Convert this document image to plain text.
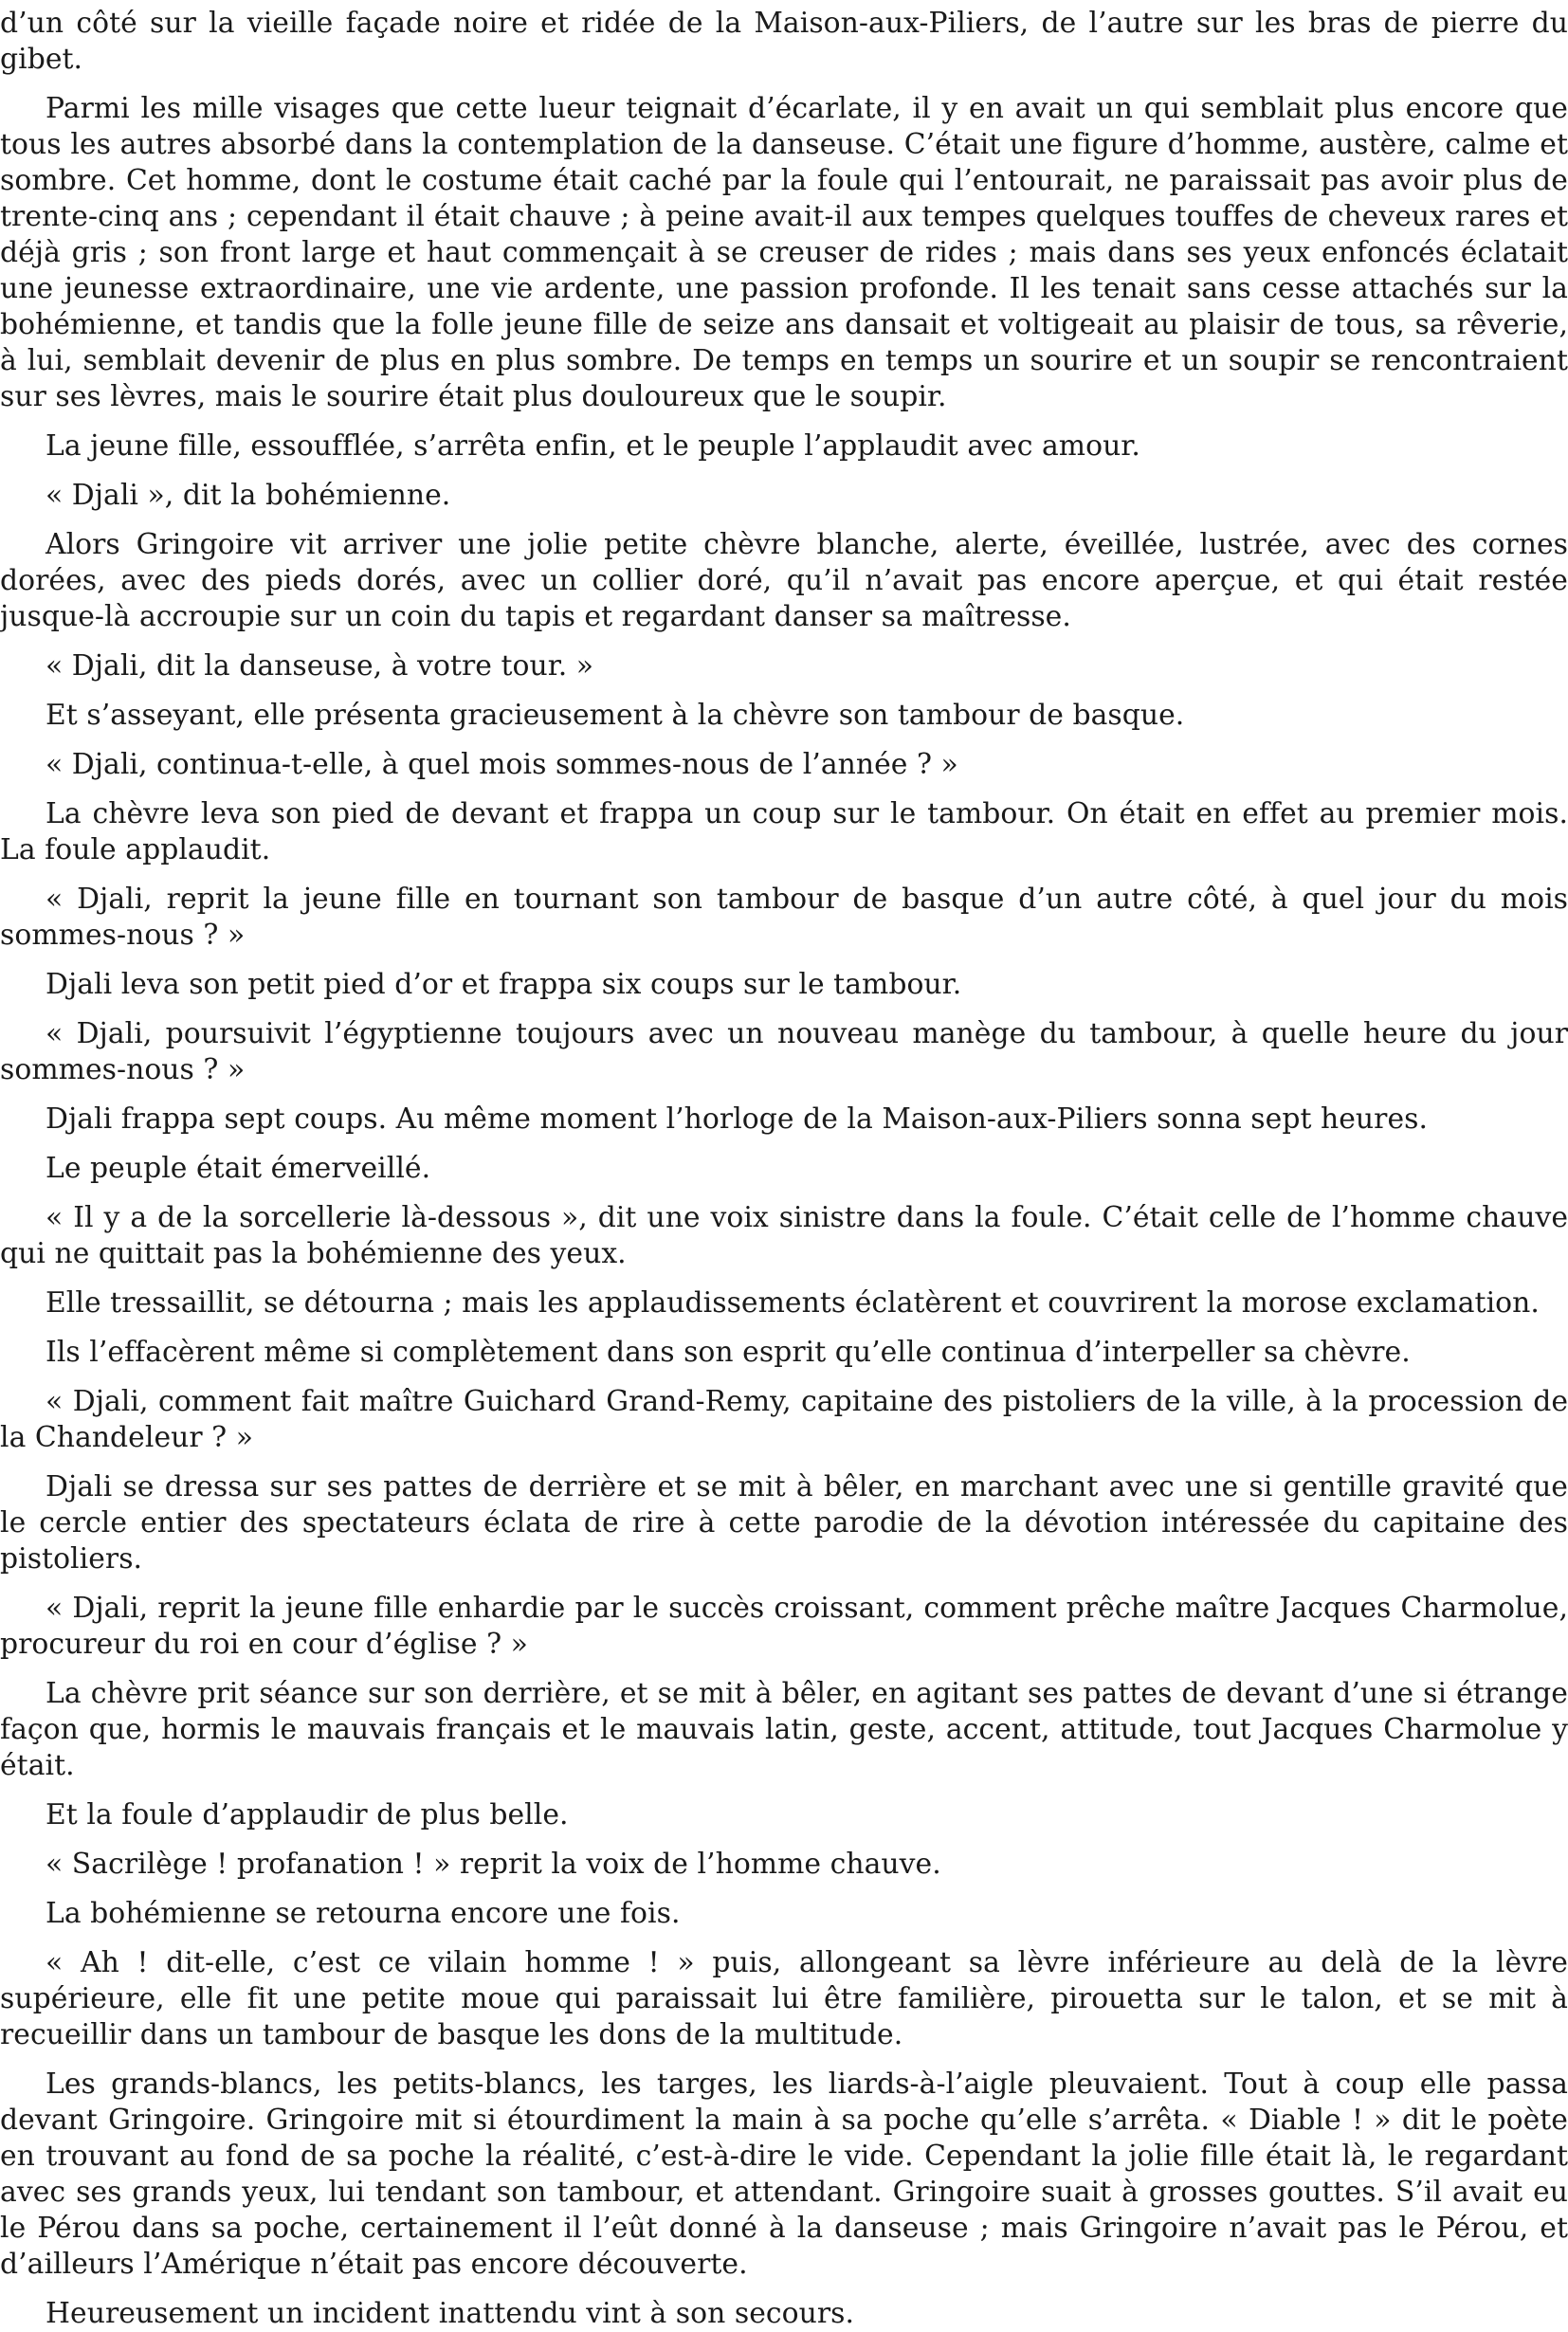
d’un côté sur la vieille façade noire et ridée de la Maison-aux-Piliers, de l’autre sur les bras de pierre du gibet.

Parmi les mille visages que cette lueur teignait d’écarlate, il y en avait un qui semblait plus encore que tous les autres absorbé dans la contemplation de la danseuse. C’était une figure d’homme, austère, calme et sombre. Cet homme, dont le costume était caché par la foule qui l’entourait, ne paraissait pas avoir plus de trente-cinq ans ; cependant il était chauve ; à peine avait-il aux tempes quelques touffes de cheveux rares et déjà gris ; son front large et haut commençait à se creuser de rides ; mais dans ses yeux enfoncés éclatait une jeunesse extraordinaire, une vie ardente, une passion profonde. Il les tenait sans cesse attachés sur la bohémienne, et tandis que la folle jeune fille de seize ans dansait et voltigeait au plaisir de tous, sa rêverie, à lui, semblait devenir de plus en plus sombre. De temps en temps un sourire et un soupir se rencontraient sur ses lèvres, mais le sourire était plus douloureux que le soupir.

La jeune fille, essoufflée, s’arrêta enfin, et le peuple l’applaudit avec amour.

« Djali », dit la bohémienne.

Alors Gringoire vit arriver une jolie petite chèvre blanche, alerte, éveillée, lustrée, avec des cornes dorées, avec des pieds dorés, avec un collier doré, qu’il n’avait pas encore aperçue, et qui était restée jusque-là accroupie sur un coin du tapis et regardant danser sa maîtresse.

« Djali, dit la danseuse, à votre tour. »

Et s’asseyant, elle présenta gracieusement à la chèvre son tambour de basque.

« Djali, continua-t-elle, à quel mois sommes-nous de l’année ? »

La chèvre leva son pied de devant et frappa un coup sur le tambour. On était en effet au premier mois. La foule applaudit.

« Djali, reprit la jeune fille en tournant son tambour de basque d’un autre côté, à quel jour du mois sommes-nous ? »

Djali leva son petit pied d’or et frappa six coups sur le tambour.

« Djali, poursuivit l’égyptienne toujours avec un nouveau manège du tambour, à quelle heure du jour sommes-nous ? »

Djali frappa sept coups. Au même moment l’horloge de la Maison-aux-Piliers sonna sept heures.

Le peuple était émerveillé.

« Il y a de la sorcellerie là-dessous », dit une voix sinistre dans la foule. C’était celle de l’homme chauve qui ne quittait pas la bohémienne des yeux.

Elle tressaillit, se détourna ; mais les applaudissements éclatèrent et couvrirent la morose exclamation.

Ils l’effacèrent même si complètement dans son esprit qu’elle continua d’interpeller sa chèvre.

« Djali, comment fait maître Guichard Grand-Remy, capitaine des pistoliers de la ville, à la procession de la Chandeleur ? »

Djali se dressa sur ses pattes de derrière et se mit à bêler, en marchant avec une si gentille gravité que le cercle entier des spectateurs éclata de rire à cette parodie de la dévotion intéressée du capitaine des pistoliers.

« Djali, reprit la jeune fille enhardie par le succès croissant, comment prêche maître Jacques Charmolue, procureur du roi en cour d’église ? »

La chèvre prit séance sur son derrière, et se mit à bêler, en agitant ses pattes de devant d’une si étrange façon que, hormis le mauvais français et le mauvais latin, geste, accent, attitude, tout Jacques Charmolue y était.

Et la foule d’applaudir de plus belle.

« Sacrilège ! profanation ! » reprit la voix de l’homme chauve.

La bohémienne se retourna encore une fois.

« Ah ! dit-elle, c’est ce vilain homme ! » puis, allongeant sa lèvre inférieure au delà de la lèvre supérieure, elle fit une petite moue qui paraissait lui être familière, pirouetta sur le talon, et se mit à recueillir dans un tambour de basque les dons de la multitude.

Les grands-blancs, les petits-blancs, les targes, les liards-à-l’aigle pleuvaient. Tout à coup elle passa devant Gringoire. Gringoire mit si étourdiment la main à sa poche qu’elle s’arrêta. « Diable ! » dit le poète en trouvant au fond de sa poche la réalité, c’est-à-dire le vide. Cependant la jolie fille était là, le regardant avec ses grands yeux, lui tendant son tambour, et attendant. Gringoire suait à grosses gouttes. S’il avait eu le Pérou dans sa poche, certainement il l’eût donné à la danseuse ; mais Gringoire n’avait pas le Pérou, et d’ailleurs l’Amérique n’était pas encore découverte.

Heureusement un incident inattendu vint à son secours.
